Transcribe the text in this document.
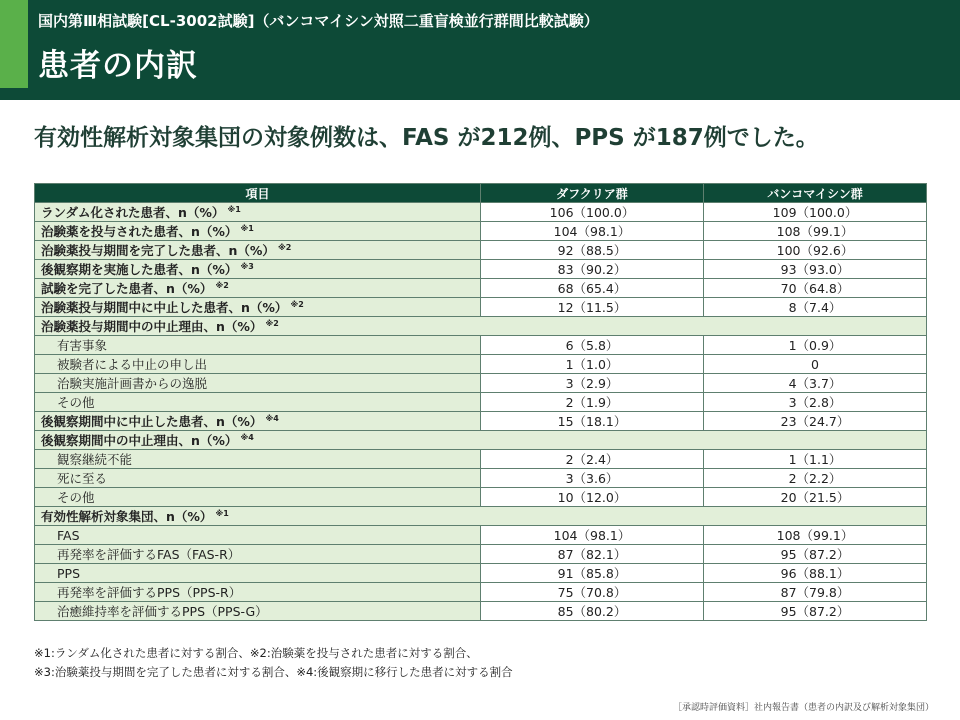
国内第Ⅲ相試験[CL-3002試験]（バンコマイシン対照二重盲検並行群間比較試験）
患者の内訳
有効性解析対象集団の対象例数は、FAS が212例、PPS が187例でした。
項目	ダフクリア群	バンコマイシン群
ランダム化された患者、n（%） $^{※1}$	106（100.0）	109（100.0）
治験薬を投与された患者、n（%） $^{※1}$	104（98.1）	108（99.1）
治験薬投与期間を完了した患者、n（%） $^{※2}$	92（88.5）	100（92.6）
後観察期を実施した患者、n（%） $^{※3}$	83（90.2）	93（93.0）
試験を完了した患者、n（%） $^{※2}$	68（65.4）	70（64.8）
治験薬投与期間中に中止した患者、n（%） $^{※2}$	12（11.5）	8（7.4）
治験薬投与期間中の中止理由、n（%） $^{※2}$
有害事象	6（5.8）	1（0.9）
被験者による中止の申し出	1（1.0）	0
治験実施計画書からの逸脱	3（2.9）	4（3.7）
その他	2（1.9）	3（2.8）
後観察期間中に中止した患者、n（%） $^{※4}$	15（18.1）	23（24.7）
後観察期間中の中止理由、n（%） $^{※4}$
観察継続不能	2（2.4）	1（1.1）
死に至る	3（3.6）	2（2.2）
その他	10（12.0）	20（21.5）
有効性解析対象集団、n（%） $^{※1}$
FAS	104（98.1）	108（99.1）
再発率を評価するFAS（FAS-R）	87（82.1）	95（87.2）
PPS	91（85.8）	96（88.1）
再発率を評価するPPS（PPS-R）	75（70.8）	87（79.8）
治癒維持率を評価するPPS（PPS-G）	85（80.2）	95（87.2）
※1:ランダム化された患者に対する割合、※2:治験薬を投与された患者に対する割合、
※3:治験薬投与期間を完了した患者に対する割合、※4:後観察期に移行した患者に対する割合
［承認時評価資料］社内報告書（患者の内訳及び解析対象集団）
